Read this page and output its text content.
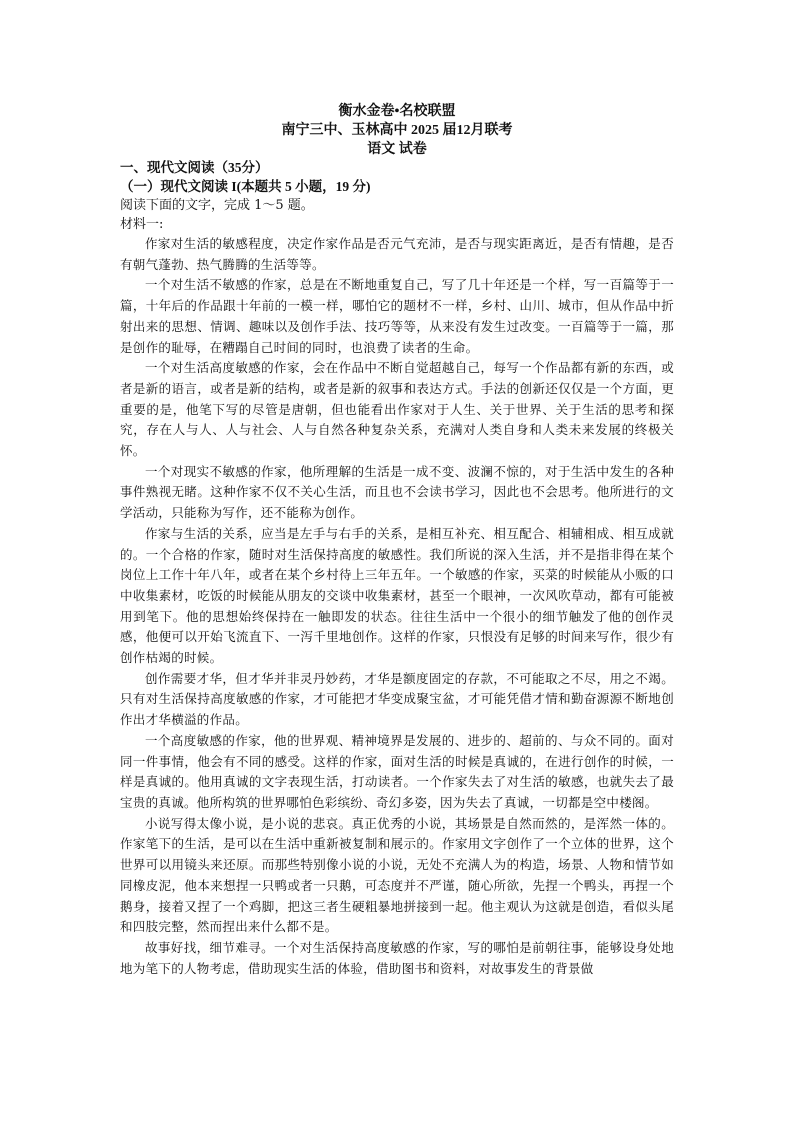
衡水金卷•名校联盟

南宁三中、玉林高中 2025 届12月联考

语文 试卷

一、现代文阅读（35分）

（一）现代文阅读 I(本题共 5 小题，19 分)

阅读下面的文字，完成 1～5 题。

材料一:

作家对生活的敏感程度，决定作家作品是否元气充沛，是否与现实距离近，是否有情趣，是否有朝气蓬勃、热气腾腾的生活等等。

一个对生活不敏感的作家，总是在不断地重复自己，写了几十年还是一个样，写一百篇等于一篇，十年后的作品跟十年前的一模一样，哪怕它的题材不一样，乡村、山川、城市，但从作品中折射出来的思想、情调、趣味以及创作手法、技巧等等，从来没有发生过改变。一百篇等于一篇，那是创作的耻辱，在糟蹋自己时间的同时，也浪费了读者的生命。

一个对生活高度敏感的作家，会在作品中不断自觉超越自己，每写一个作品都有新的东西，或者是新的语言，或者是新的结构，或者是新的叙事和表达方式。手法的创新还仅仅是一个方面，更重要的是，他笔下写的尽管是唐朝，但也能看出作家对于人生、关于世界、关于生活的思考和探究，存在人与人、人与社会、人与自然各种复杂关系，充满对人类自身和人类未来发展的终极关怀。

一个对现实不敏感的作家，他所理解的生活是一成不变、波澜不惊的，对于生活中发生的各种事件熟视无睹。这种作家不仅不关心生活，而且也不会读书学习，因此也不会思考。他所进行的文学活动，只能称为写作，还不能称为创作。

作家与生活的关系，应当是左手与右手的关系，是相互补充、相互配合、相辅相成、相互成就的。一个合格的作家，随时对生活保持高度的敏感性。我们所说的深入生活，并不是指非得在某个岗位上工作十年八年，或者在某个乡村待上三年五年。一个敏感的作家，买菜的时候能从小贩的口中收集素材，吃饭的时候能从朋友的交谈中收集素材，甚至一个眼神，一次风吹草动，都有可能被用到笔下。他的思想始终保持在一触即发的状态。往往生活中一个很小的细节触发了他的创作灵感，他便可以开始飞流直下、一泻千里地创作。这样的作家，只恨没有足够的时间来写作，很少有创作枯竭的时候。

创作需要才华，但才华并非灵丹妙药，才华是额度固定的存款，不可能取之不尽，用之不竭。只有对生活保持高度敏感的作家，才可能把才华变成聚宝盆，才可能凭借才情和勤奋源源不断地创作出才华横溢的作品。

一个高度敏感的作家，他的世界观、精神境界是发展的、进步的、超前的、与众不同的。面对同一件事情，他会有不同的感受。这样的作家，面对生活的时候是真诚的，在进行创作的时候，一样是真诚的。他用真诚的文字表现生活，打动读者。一个作家失去了对生活的敏感，也就失去了最宝贵的真诚。他所构筑的世界哪怕色彩缤纷、奇幻多姿，因为失去了真诚，一切都是空中楼阁。

小说写得太像小说，是小说的悲哀。真正优秀的小说，其场景是自然而然的，是浑然一体的。作家笔下的生活，是可以在生活中重新被复制和展示的。作家用文字创作了一个立体的世界，这个世界可以用镜头来还原。而那些特别像小说的小说，无处不充满人为的构造，场景、人物和情节如同橡皮泥，他本来想捏一只鸭或者一只鹅，可态度并不严谨，随心所欲，先捏一个鸭头，再捏一个鹅身，接着又捏了一个鸡脚，把这三者生硬粗暴地拼接到一起。他主观认为这就是创造，看似头尾和四肢完整，然而捏出来什么都不是。

故事好找，细节难寻。一个对生活保持高度敏感的作家，写的哪怕是前朝往事，能够设身处地地为笔下的人物考虑，借助现实生活的体验，借助图书和资料，对故事发生的背景做
